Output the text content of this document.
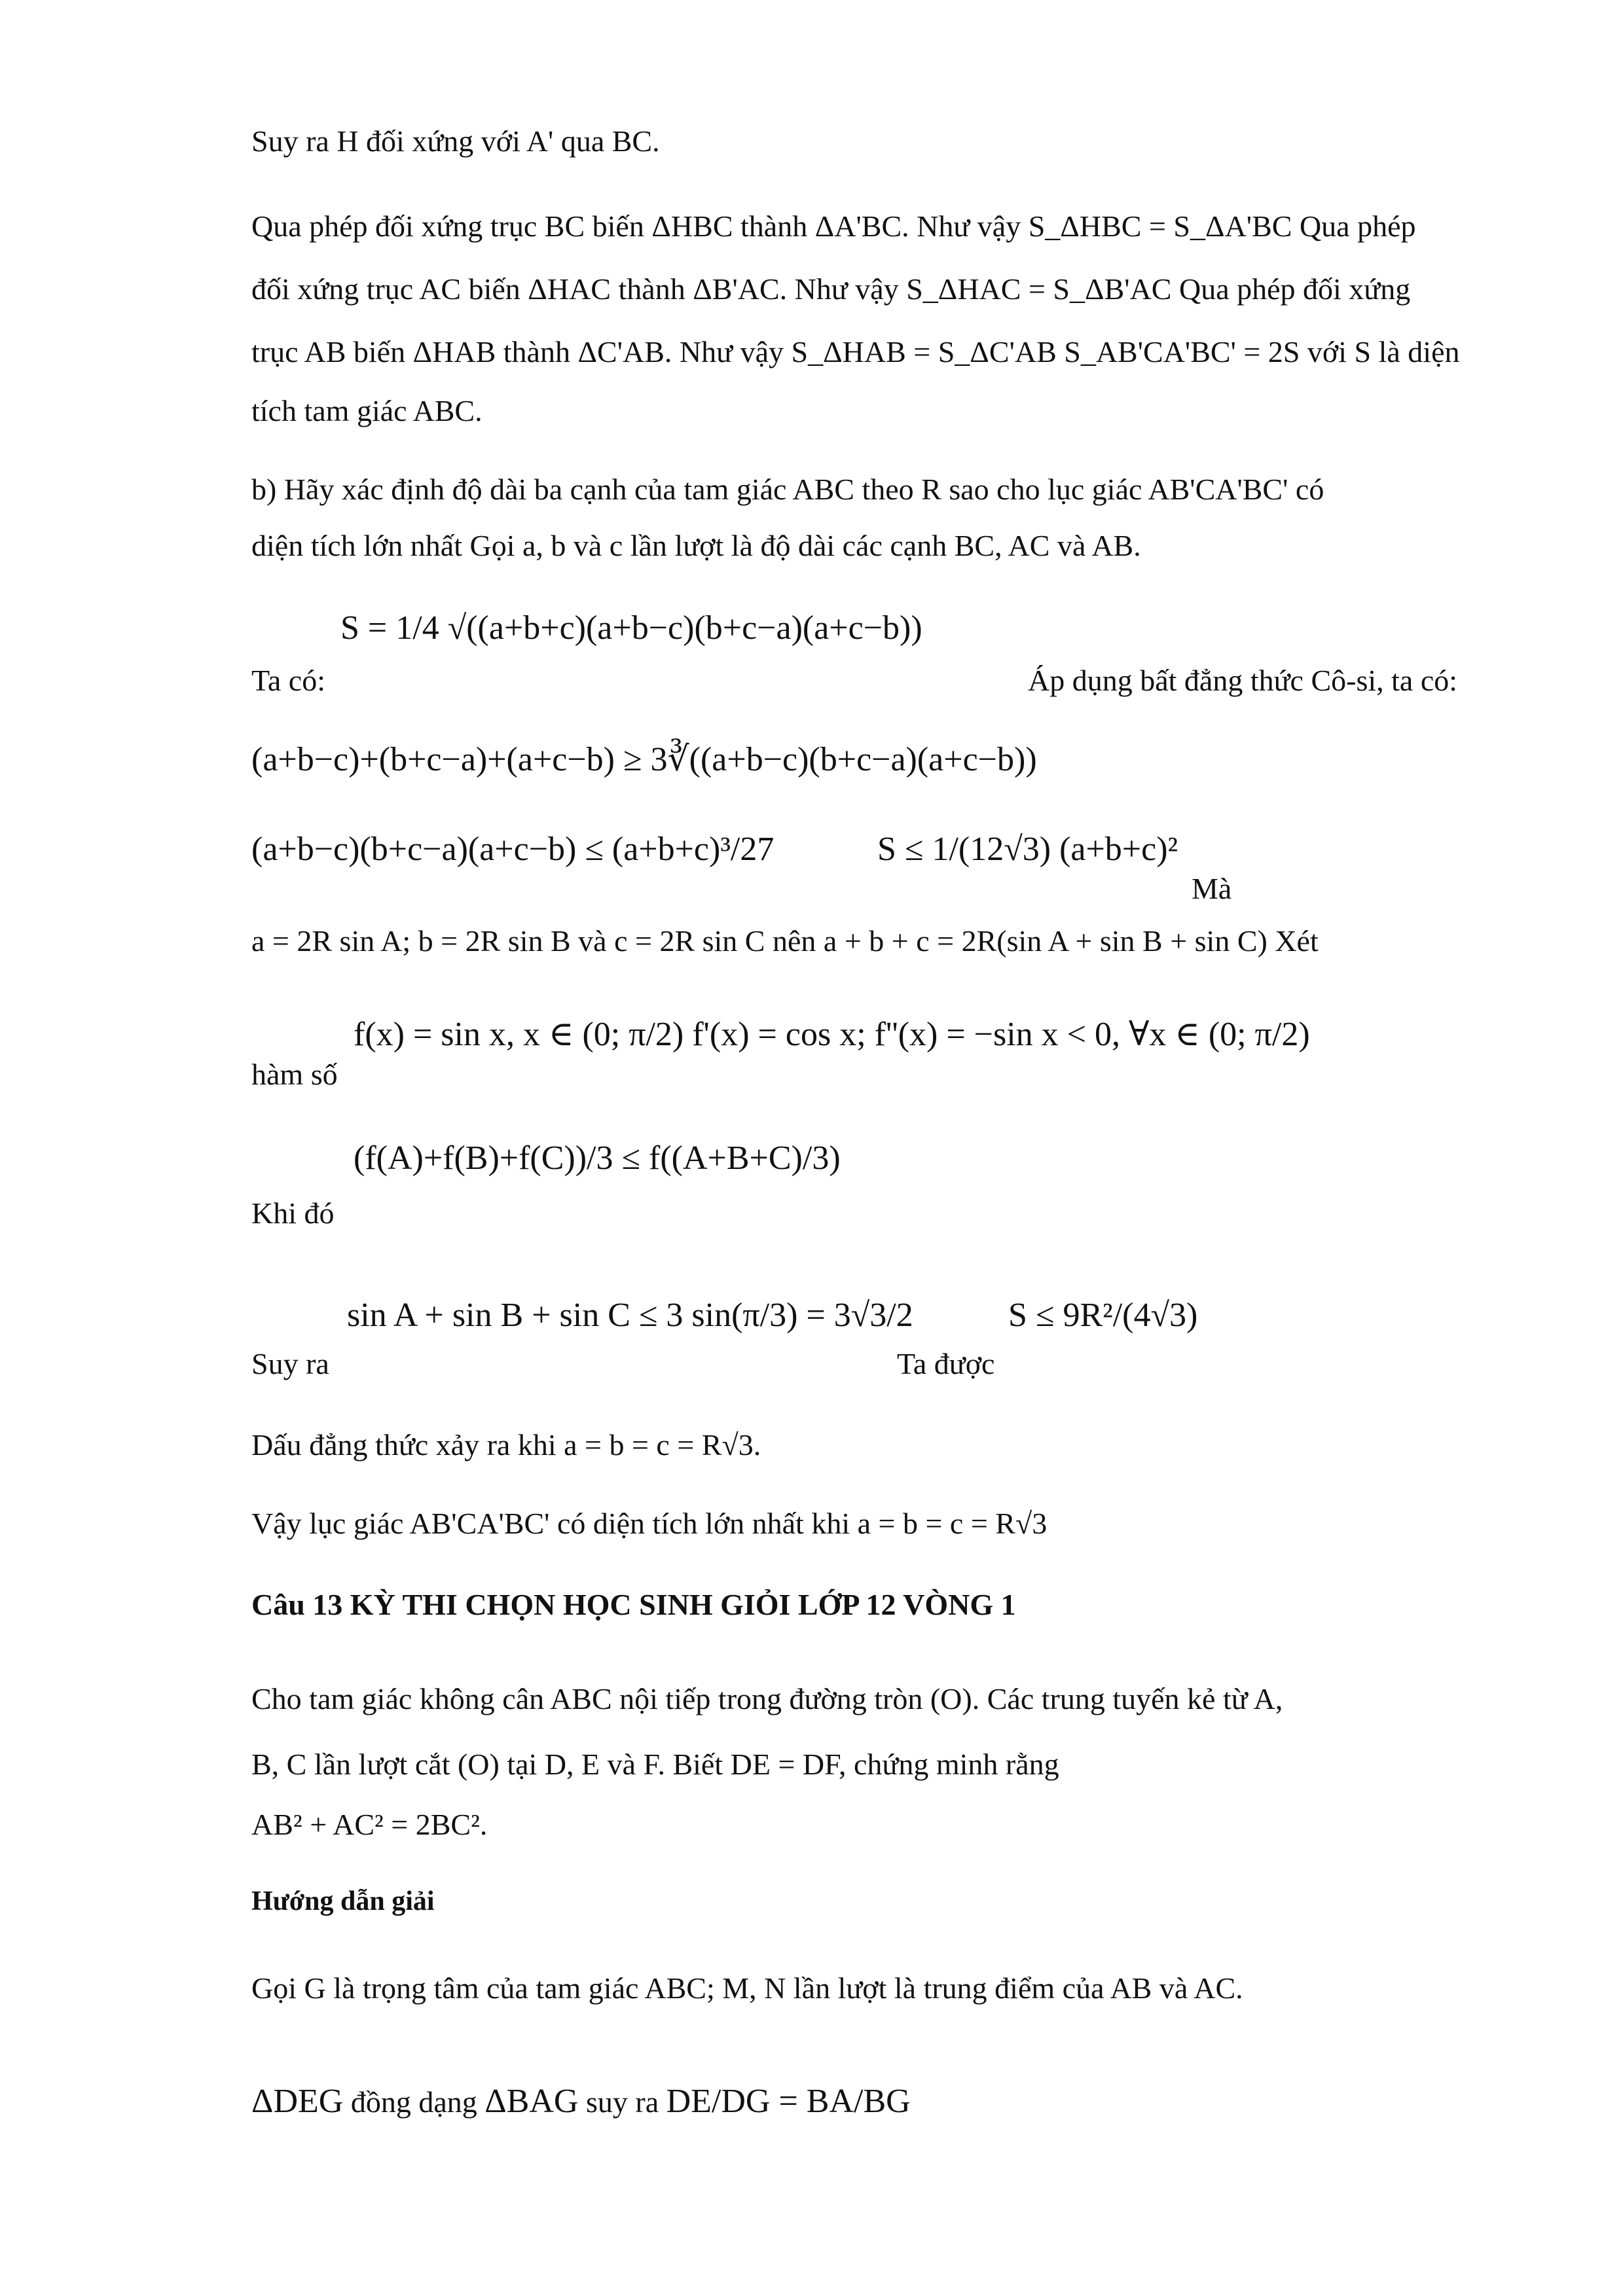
Suy ra H đối xứng với A' qua BC.
Qua phép đối xứng trục BC biến ΔHBC thành ΔA'BC. Như vậy S_ΔHBC = S_ΔA'BC Qua phép
đối xứng trục AC biến ΔHAC thành ΔB'AC. Như vậy S_ΔHAC = S_ΔB'AC Qua phép đối xứng
trục AB biến ΔHAB thành ΔC'AB. Như vậy S_ΔHAB = S_ΔC'AB S_AB'CA'BC' = 2S với S là diện
tích tam giác ABC.
b) Hãy xác định độ dài ba cạnh của tam giác ABC theo R sao cho lục giác AB'CA'BC' có
diện tích lớn nhất Gọi a, b và c lần lượt là độ dài các cạnh BC, AC và AB.
Ta có:
S = 1/4 √((a+b+c)(a+b−c)(b+c−a)(a+c−b))
Áp dụng bất đẳng thức Cô-si, ta có:
(a+b−c)+(b+c−a)+(a+c−b) ≥ 3∛((a+b−c)(b+c−a)(a+c−b))
(a+b−c)(b+c−a)(a+c−b) ≤ (a+b+c)³/27	S ≤ 1/(12√3) (a+b+c)²
Mà
a = 2R sin A; b = 2R sin B và c = 2R sin C nên a + b + c = 2R(sin A + sin B + sin C) Xét
f(x) = sin x, x ∈ (0; π/2) f'(x) = cos x; f''(x) = −sin x < 0, ∀x ∈ (0; π/2)
hàm số
(f(A)+f(B)+f(C))/3 ≤ f((A+B+C)/3)
Khi đó
sin A + sin B + sin C ≤ 3 sin(π/3) = 3√3/2
Suy ra	Ta được
S ≤ 9R²/(4√3)
Dấu đẳng thức xảy ra khi a = b = c = R√3.
Vậy lục giác AB'CA'BC' có diện tích lớn nhất khi a = b = c = R√3
Câu 13 KỲ THI CHỌN HỌC SINH GIỎI LỚP 12 VÒNG 1
Cho tam giác không cân ABC nội tiếp trong đường tròn (O). Các trung tuyến kẻ từ A,
B, C lần lượt cắt (O) tại D, E và F. Biết DE = DF, chứng minh rằng
AB² + AC² = 2BC².
Hướng dẫn giải
Gọi G là trọng tâm của tam giác ABC; M, N lần lượt là trung điểm của AB và AC.
ΔDEG đồng dạng ΔBAG suy ra DE/DG = BA/BG
